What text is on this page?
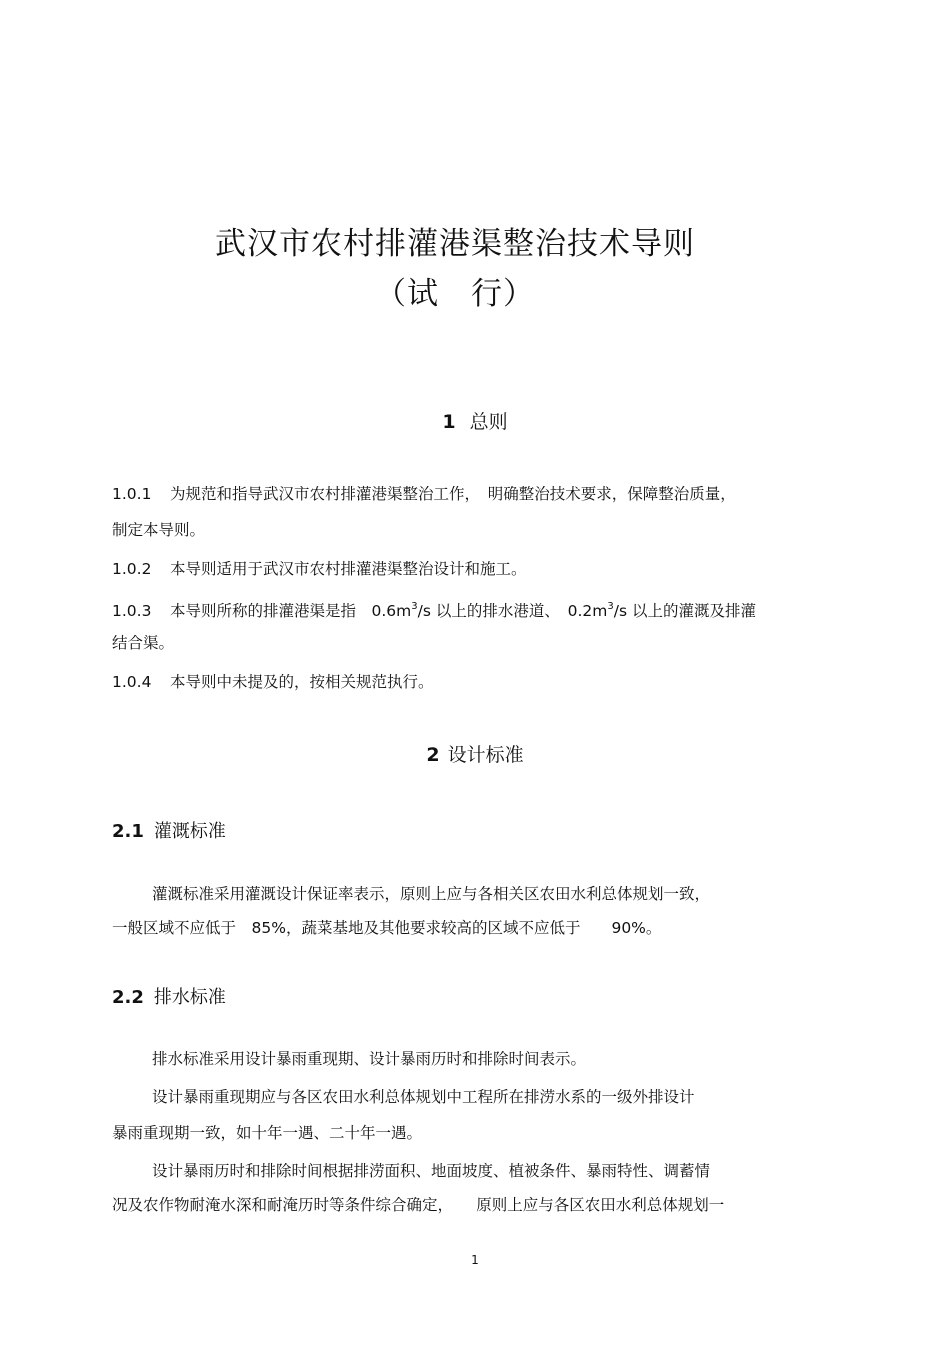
武汉市农村排灌港渠整治技术导则
（试　行）
1 总则
1.0.1 为规范和指导武汉市农村排灌港渠整治工作，　明确整治技术要求，保障整治质量，
制定本导则。
1.0.2 本导则适用于武汉市农村排灌港渠整治设计和施工。
1.0.3 本导则所称的排灌港渠是指　$0.6m^3/s$ 以上的排水港道、　$0.2m^3/s$ 以上的灌溉及排灌
结合渠。
1.0.4 本导则中未提及的，按相关规范执行。
2 设计标准
2.1 灌溉标准
灌溉标准采用灌溉设计保证率表示，原则上应与各相关区农田水利总体规划一致，
一般区域不应低于　85%，蔬菜基地及其他要求较高的区域不应低于　　90%。
2.2 排水标准
排水标准采用设计暴雨重现期、设计暴雨历时和排除时间表示。
设计暴雨重现期应与各区农田水利总体规划中工程所在排涝水系的一级外排设计
暴雨重现期一致，如十年一遇、二十年一遇。
设计暴雨历时和排除时间根据排涝面积、地面坡度、植被条件、暴雨特性、调蓄情
况及农作物耐淹水深和耐淹历时等条件综合确定，　　原则上应与各区农田水利总体规划一
1
